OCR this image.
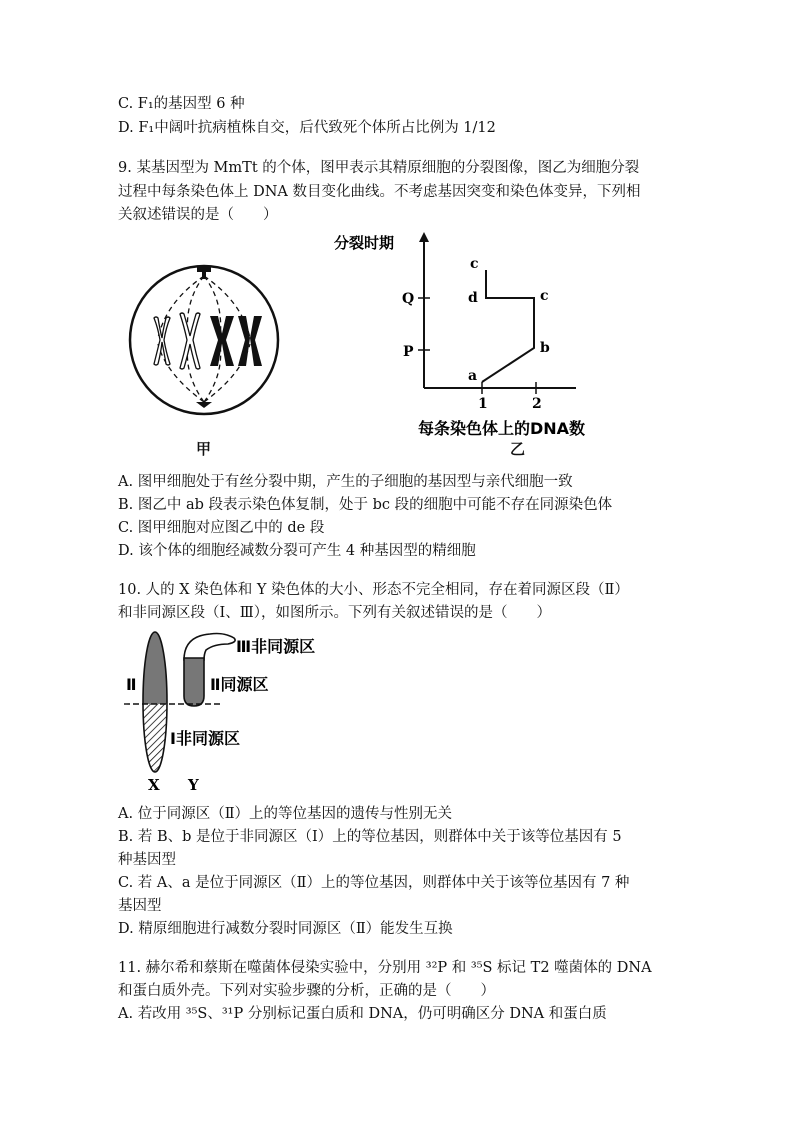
C. F₁的基因型 6 种
D. F₁中阔叶抗病植株自交，后代致死个体所占比例为 1/12
9. 某基因型为 MmTt 的个体，图甲表示其精原细胞的分裂图像，图乙为细胞分裂
过程中每条染色体上 DNA 数目变化曲线。不考虑基因突变和染色体变异，下列相
关叙述错误的是（　　）
甲
分裂时期
Q
P
1	2
每条染色体上的DNA数
a
b
c
d
c
乙
A. 图甲细胞处于有丝分裂中期，产生的子细胞的基因型与亲代细胞一致
B. 图乙中 ab 段表示染色体复制，处于 bc 段的细胞中可能不存在同源染色体
C. 图甲细胞对应图乙中的 de 段
D. 该个体的细胞经减数分裂可产生 4 种基因型的精细胞
10. 人的 X 染色体和 Y 染色体的大小、形态不完全相同，存在着同源区段（Ⅱ）
和非同源区段（Ⅰ、Ⅲ），如图所示。下列有关叙述错误的是（　　）
Ⅱ
Ⅲ非同源区
Ⅱ同源区
Ⅰ非同源区
X Y
A. 位于同源区（Ⅱ）上的等位基因的遗传与性别无关
B. 若 B、b 是位于非同源区（Ⅰ）上的等位基因，则群体中关于该等位基因有 5
种基因型
C. 若 A、a 是位于同源区（Ⅱ）上的等位基因，则群体中关于该等位基因有 7 种
基因型
D. 精原细胞进行减数分裂时同源区（Ⅱ）能发生互换
11. 赫尔希和蔡斯在噬菌体侵染实验中，分别用 ³²P 和 ³⁵S 标记 T2 噬菌体的 DNA
和蛋白质外壳。下列对实验步骤的分析，正确的是（　　）
A. 若改用 ³⁵S、³¹P 分别标记蛋白质和 DNA，仍可明确区分 DNA 和蛋白质
